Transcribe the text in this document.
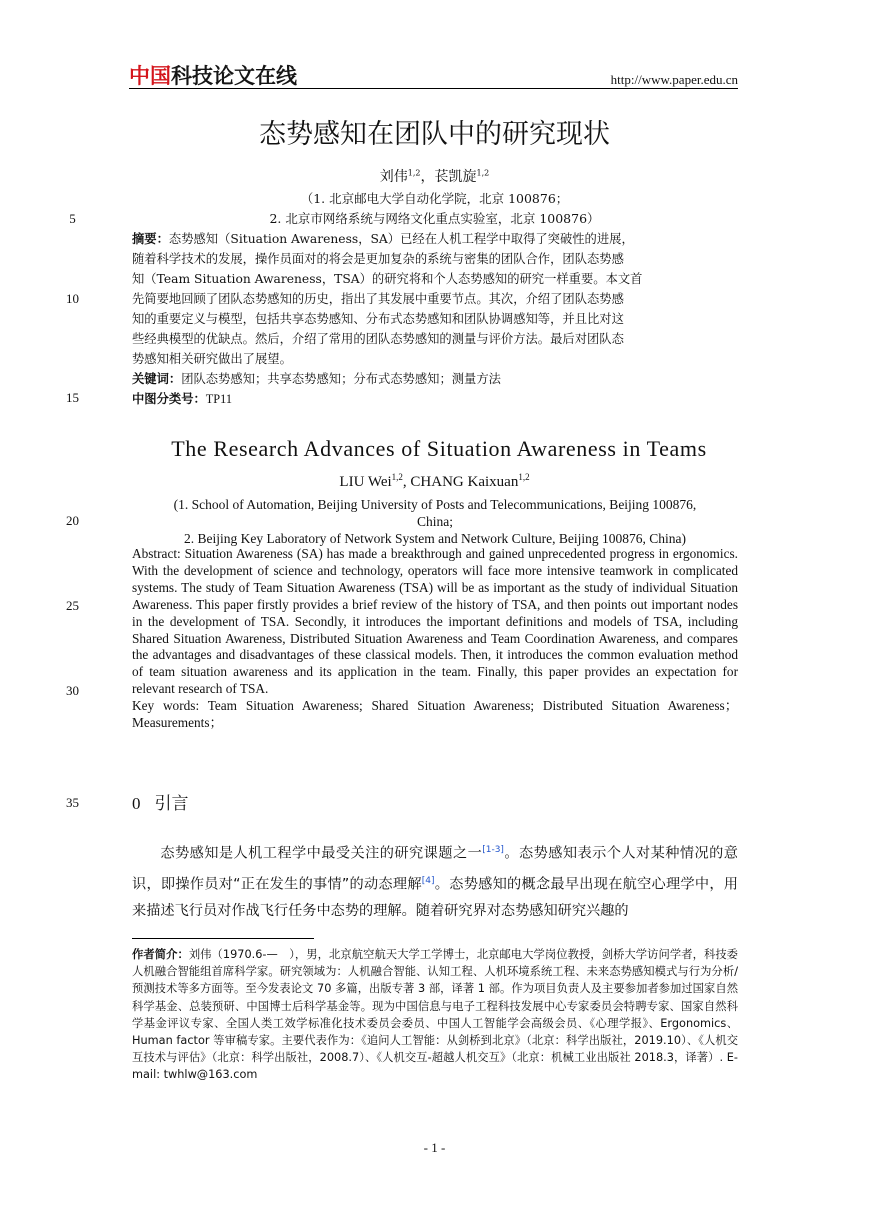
中国科技论文在线	http://www.paper.edu.cn
态势感知在团队中的研究现状
刘伟$^{1,2}$，苌凯旋$^{1,2}$
（1. 北京邮电大学自动化学院，北京 100876；
2. 北京市网络系统与网络文化重点实验室，北京 100876）
5
10
15
20
25
30
35
摘要：态势感知（Situation Awareness，SA）已经在人机工程学中取得了突破性的进展，
随着科学技术的发展，操作员面对的将会是更加复杂的系统与密集的团队合作，团队态势感
知（Team Situation Awareness，TSA）的研究将和个人态势感知的研究一样重要。本文首
先简要地回顾了团队态势感知的历史，指出了其发展中重要节点。其次，介绍了团队态势感
知的重要定义与模型，包括共享态势感知、分布式态势感知和团队协调感知等，并且比对这
些经典模型的优缺点。然后，介绍了常用的团队态势感知的测量与评价方法。最后对团队态
势感知相关研究做出了展望。
关键词：团队态势感知；共享态势感知；分布式态势感知；测量方法
中图分类号：TP11
The Research Advances of Situation Awareness in Teams
LIU Wei$^{1,2}$, CHANG Kaixuan$^{1,2}$
(1. School of Automation, Beijing University of Posts and Telecommunications, Beijing 100876,
China;
2. Beijing Key Laboratory of Network System and Network Culture, Beijing 100876, China)
Abstract: Situation Awareness (SA) has made a breakthrough and gained unprecedented progress in ergonomics. With the development of science and technology, operators will face more intensive teamwork in complicated systems. The study of Team Situation Awareness (TSA) will be as important as the study of individual Situation Awareness. This paper firstly provides a brief review of the history of TSA, and then points out important nodes in the development of TSA. Secondly, it introduces the important definitions and models of TSA, including Shared Situation Awareness, Distributed Situation Awareness and Team Coordination Awareness, and compares the advantages and disadvantages of these classical models. Then, it introduces the common evaluation method of team situation awareness and its application in the team. Finally, this paper provides an expectation for relevant research of TSA.
Key words: Team Situation Awareness; Shared Situation Awareness; Distributed Situation Awareness；Measurements；
0 引言
态势感知是人机工程学中最受关注的研究课题之一[1-3]。态势感知表示个人对某种情况的意识，即操作员对“正在发生的事情”的动态理解[4]。态势感知的概念最早出现在航空心理学中，用来描述飞行员对作战飞行任务中态势的理解。随着研究界对态势感知研究兴趣的
作者简介：刘伟（1970.6-—　），男，北京航空航天大学工学博士，北京邮电大学岗位教授，剑桥大学访问学者，科技委人机融合智能组首席科学家。研究领域为：人机融合智能、认知工程、人机环境系统工程、未来态势感知模式与行为分析/预测技术等多方面等。至今发表论文 70 多篇，出版专著 3 部，译著 1 部。作为项目负责人及主要参加者参加过国家自然科学基金、总装预研、中国博士后科学基金等。现为中国信息与电子工程科技发展中心专家委员会特聘专家、国家自然科学基金评议专家、全国人类工效学标准化技术委员会委员、中国人工智能学会高级会员、《心理学报》、Ergonomics、Human factor 等审稿专家。主要代表作为：《追问人工智能：从剑桥到北京》（北京：科学出版社，2019.10）、《人机交互技术与评估》（北京：科学出版社，2008.7）、《人机交互-超越人机交互》（北京：机械工业出版社 2018.3，译著）. E-mail: twhlw@163.com
- 1 -
